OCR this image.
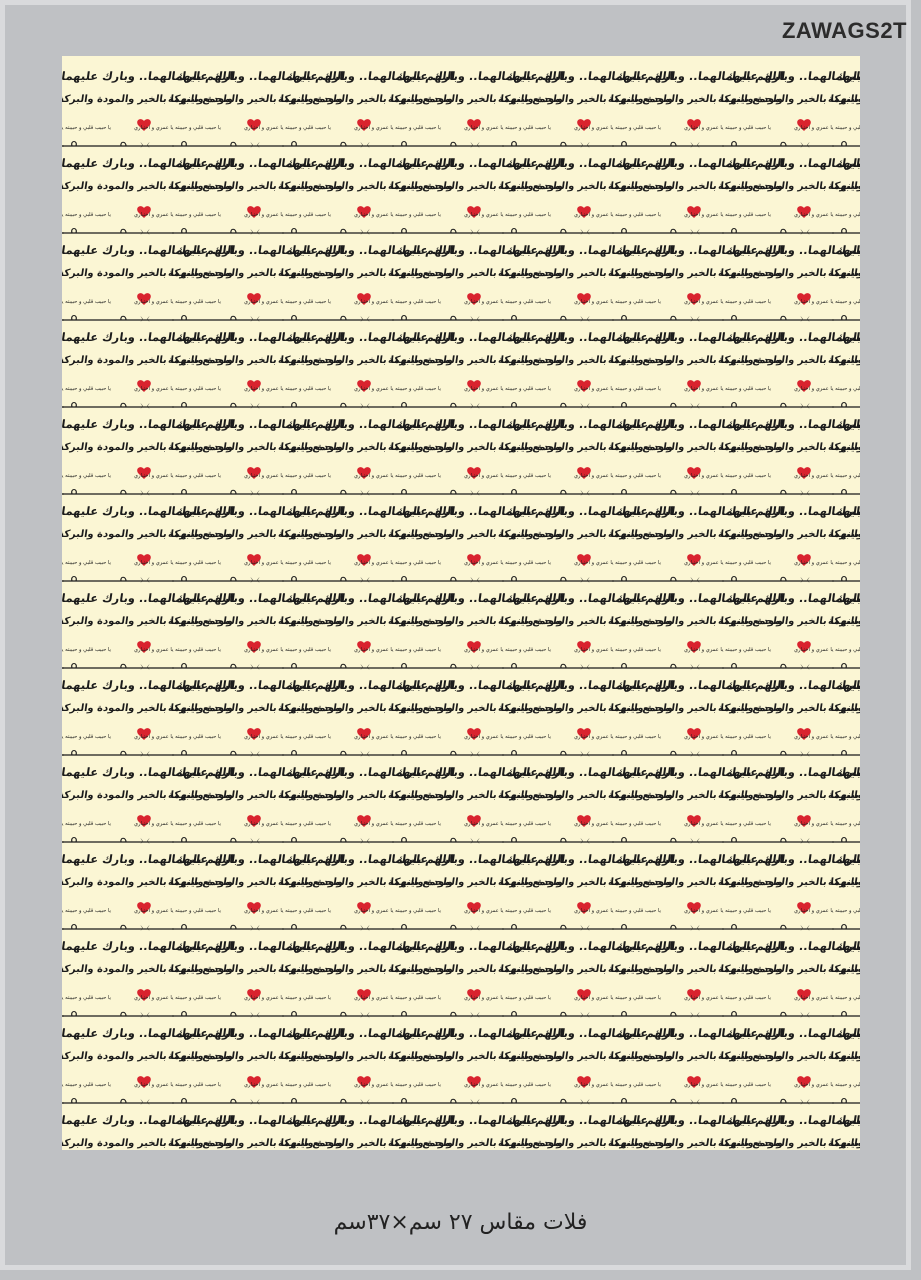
ZAWAGS2T
فلات مقاس ٢٧ سم×٣٧سم
